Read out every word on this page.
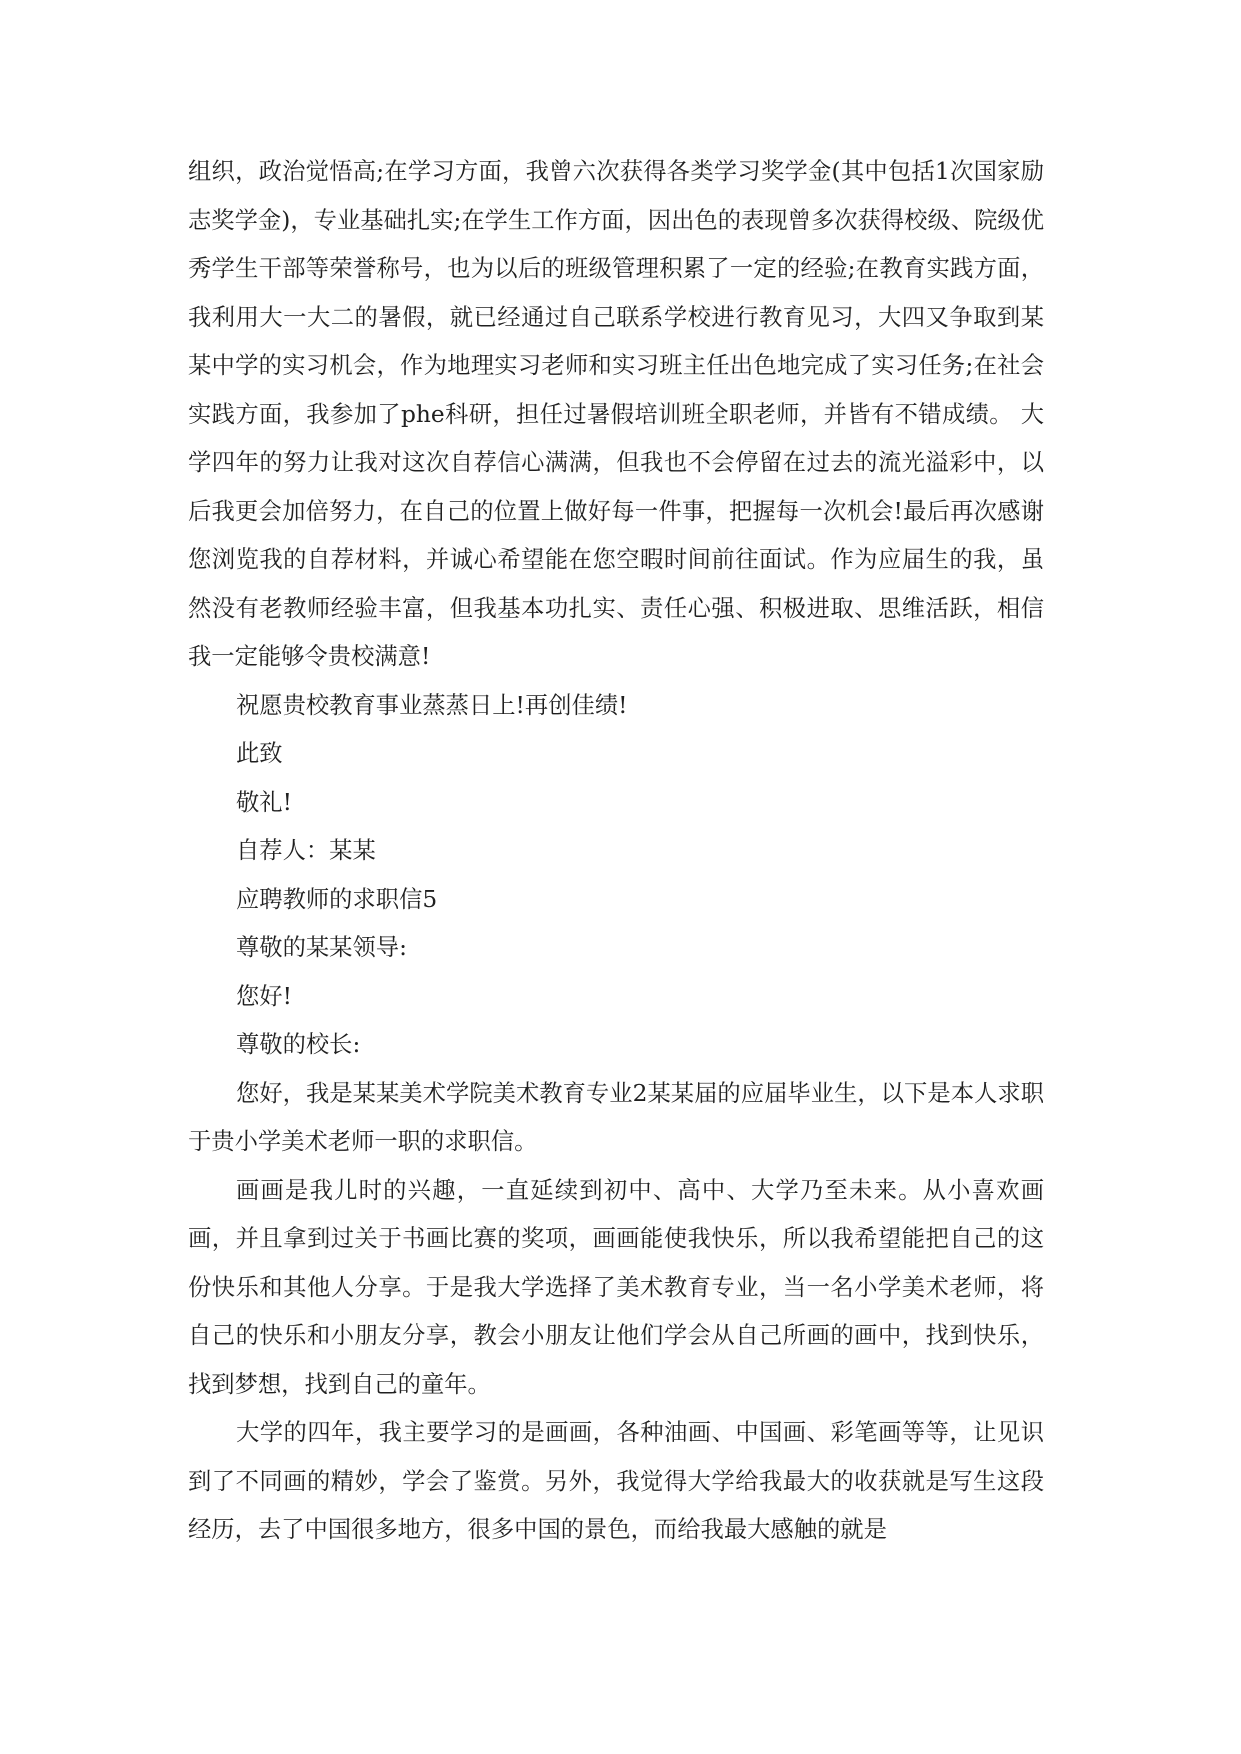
组织，政治觉悟高;在学习方面，我曾六次获得各类学习奖学金(其中包括1次国家励志奖学金)，专业基础扎实;在学生工作方面，因出色的表现曾多次获得校级、院级优秀学生干部等荣誉称号，也为以后的班级管理积累了一定的经验;在教育实践方面，我利用大一大二的暑假，就已经通过自己联系学校进行教育见习，大四又争取到某某中学的实习机会，作为地理实习老师和实习班主任出色地完成了实习任务;在社会实践方面，我参加了phe科研，担任过暑假培训班全职老师，并皆有不错成绩。 大学四年的努力让我对这次自荐信心满满，但我也不会停留在过去的流光溢彩中，以后我更会加倍努力，在自己的位置上做好每一件事，把握每一次机会!最后再次感谢您浏览我的自荐材料，并诚心希望能在您空暇时间前往面试。作为应届生的我，虽然没有老教师经验丰富，但我基本功扎实、责任心强、积极进取、思维活跃，相信我一定能够令贵校满意!

祝愿贵校教育事业蒸蒸日上!再创佳绩!

此致

敬礼!

自荐人：某某

应聘教师的求职信5

尊敬的某某领导:

您好!

尊敬的校长:

您好，我是某某美术学院美术教育专业2某某届的应届毕业生，以下是本人求职于贵小学美术老师一职的求职信。

画画是我儿时的兴趣，一直延续到初中、高中、大学乃至未来。从小喜欢画画，并且拿到过关于书画比赛的奖项，画画能使我快乐，所以我希望能把自己的这份快乐和其他人分享。于是我大学选择了美术教育专业，当一名小学美术老师，将自己的快乐和小朋友分享，教会小朋友让他们学会从自己所画的画中，找到快乐，找到梦想，找到自己的童年。

大学的四年，我主要学习的是画画，各种油画、中国画、彩笔画等等，让见识到了不同画的精妙，学会了鉴赏。另外，我觉得大学给我最大的收获就是写生这段经历，去了中国很多地方，很多中国的景色，而给我最大感触的就是
